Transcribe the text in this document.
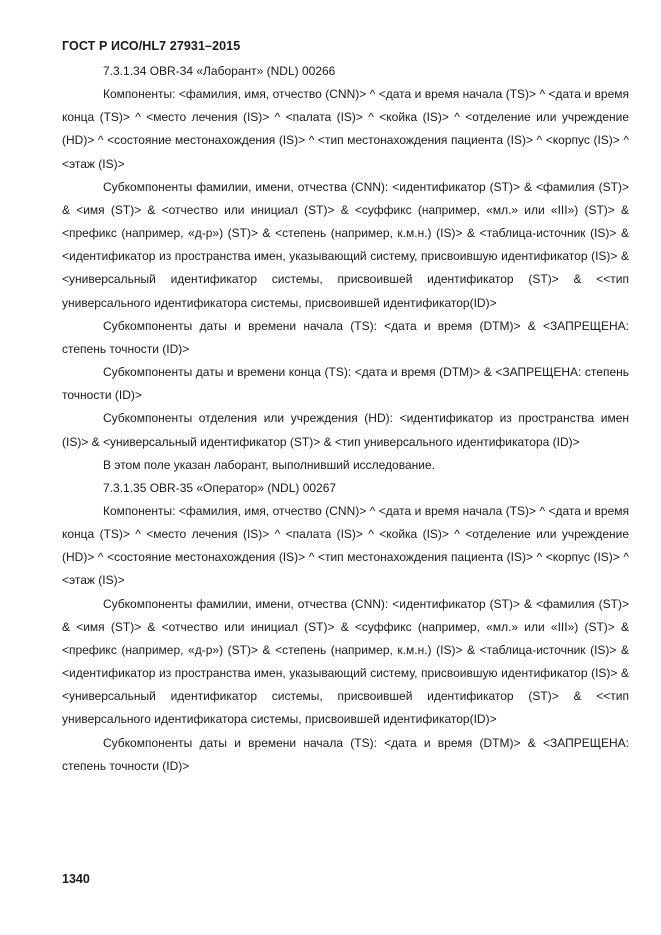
ГОСТ Р ИСО/HL7 27931–2015

7.3.1.34 OBR-34 «Лаборант» (NDL) 00266

Компоненты: <фамилия, имя, отчество (CNN)> ^ <дата и время начала (TS)> ^ <дата и время конца (TS)> ^ <место лечения (IS)> ^ <палата (IS)> ^ <койка (IS)> ^ <отделение или учреждение (HD)> ^ <состояние местонахождения (IS)> ^ <тип местонахождения пациента (IS)> ^ <корпус (IS)> ^ <этаж (IS)>

Субкомпоненты фамилии, имени, отчества (CNN): <идентификатор (ST)> & <фамилия (ST)> & <имя (ST)> & <отчество или инициал (ST)> & <суффикс (например, «мл.» или «III») (ST)> & <префикс (например, «д-р») (ST)> & <степень (например, к.м.н.) (IS)> & <таблица-источник (IS)> & <идентификатор из пространства имен, указывающий систему, присвоившую идентификатор (IS)> & <универсальный идентификатор системы, присвоившей идентификатор (ST)> & <<тип универсального идентификатора системы, присвоившей идентификатор(ID)>

Субкомпоненты даты и времени начала (TS): <дата и время (DTM)> & <ЗАПРЕЩЕНА: степень точности (ID)>

Субкомпоненты даты и времени конца (TS): <дата и время (DTM)> & <ЗАПРЕЩЕНА: степень точности (ID)>

Субкомпоненты отделения или учреждения (HD): <идентификатор из пространства имен (IS)> & <универсальный идентификатор (ST)> & <тип универсального идентификатора (ID)>

В этом поле указан лаборант, выполнивший исследование.

7.3.1.35 OBR-35 «Оператор» (NDL) 00267

Компоненты: <фамилия, имя, отчество (CNN)> ^ <дата и время начала (TS)> ^ <дата и время конца (TS)> ^ <место лечения (IS)> ^ <палата (IS)> ^ <койка (IS)> ^ <отделение или учреждение (HD)> ^ <состояние местонахождения (IS)> ^ <тип местонахождения пациента (IS)> ^ <корпус (IS)> ^ <этаж (IS)>

Субкомпоненты фамилии, имени, отчества (CNN): <идентификатор (ST)> & <фамилия (ST)> & <имя (ST)> & <отчество или инициал (ST)> & <суффикс (например, «мл.» или «III») (ST)> & <префикс (например, «д-р») (ST)> & <степень (например, к.м.н.) (IS)> & <таблица-источник (IS)> & <идентификатор из пространства имен, указывающий систему, присвоившую идентификатор (IS)> & <универсальный идентификатор системы, присвоившей идентификатор (ST)> & <<тип универсального идентификатора системы, присвоившей идентификатор(ID)>

Субкомпоненты даты и времени начала (TS): <дата и время (DTM)> & <ЗАПРЕЩЕНА: степень точности (ID)>

1340
